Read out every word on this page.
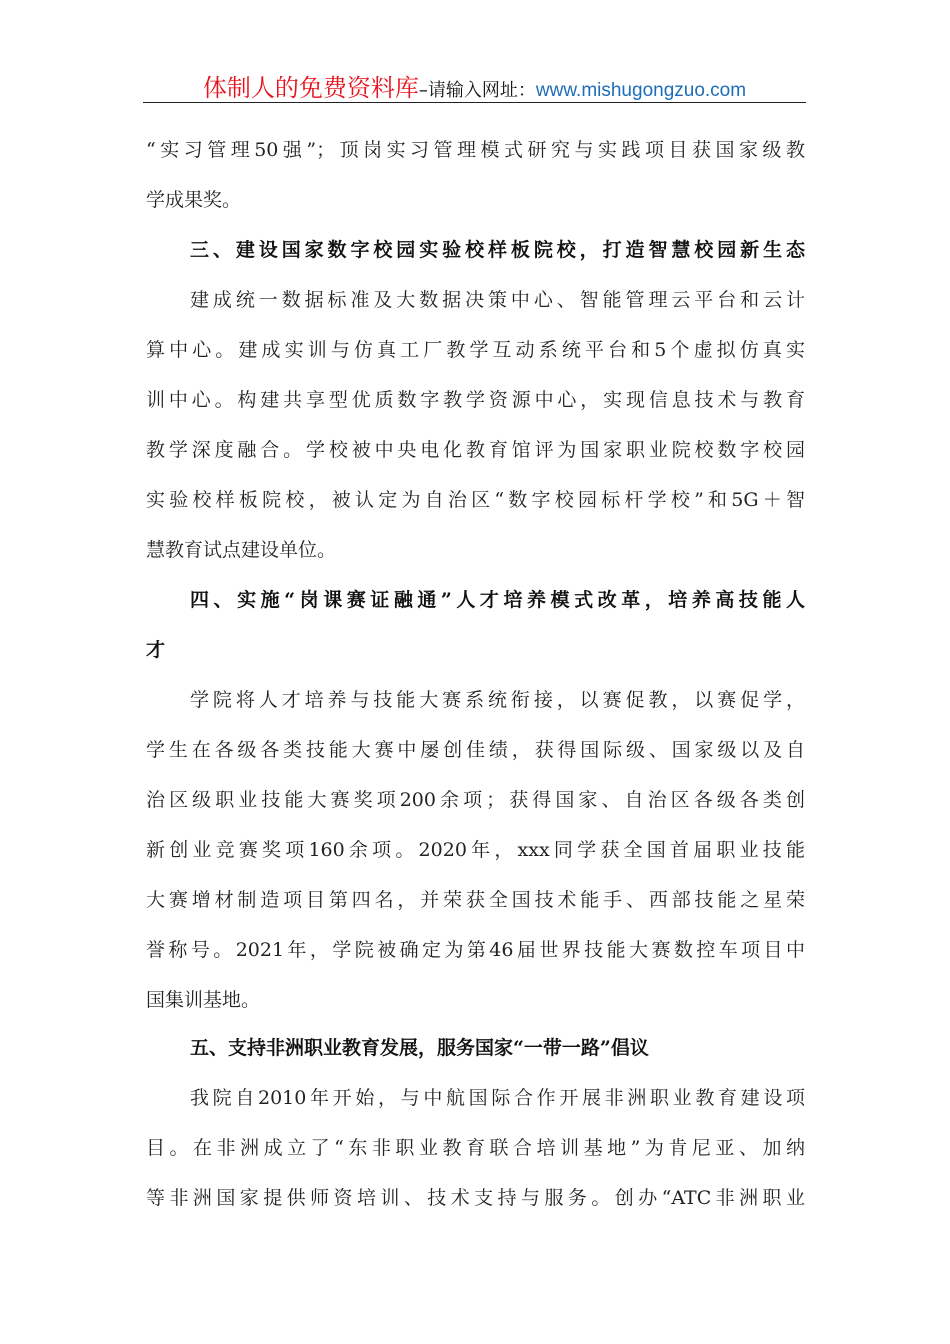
体制人的免费资料库–请输入网址：www.mishugongzuo.com
“实习管理50强”；顶岗实习管理模式研究与实践项目获国家级教
学成果奖。
三、建设国家数字校园实验校样板院校，打造智慧校园新生态
建成统一数据标准及大数据决策中心、智能管理云平台和云计
算中心。建成实训与仿真工厂教学互动系统平台和5个虚拟仿真实
训中心。构建共享型优质数字教学资源中心，实现信息技术与教育
教学深度融合。学校被中央电化教育馆评为国家职业院校数字校园
实验校样板院校，被认定为自治区“数字校园标杆学校”和5G＋智
慧教育试点建设单位。
四、实施“岗课赛证融通”人才培养模式改革，培养高技能人
才
学院将人才培养与技能大赛系统衔接，以赛促教，以赛促学，
学生在各级各类技能大赛中屡创佳绩，获得国际级、国家级以及自
治区级职业技能大赛奖项200余项；获得国家、自治区各级各类创
新创业竞赛奖项160余项。2020年，xxx同学获全国首届职业技能
大赛增材制造项目第四名，并荣获全国技术能手、西部技能之星荣
誉称号。2021年，学院被确定为第46届世界技能大赛数控车项目中
国集训基地。
五、支持非洲职业教育发展，服务国家“一带一路”倡议
我院自2010年开始，与中航国际合作开展非洲职业教育建设项
目。在非洲成立了“东非职业教育联合培训基地”为肯尼亚、加纳
等非洲国家提供师资培训、技术支持与服务。创办“ATC非洲职业
